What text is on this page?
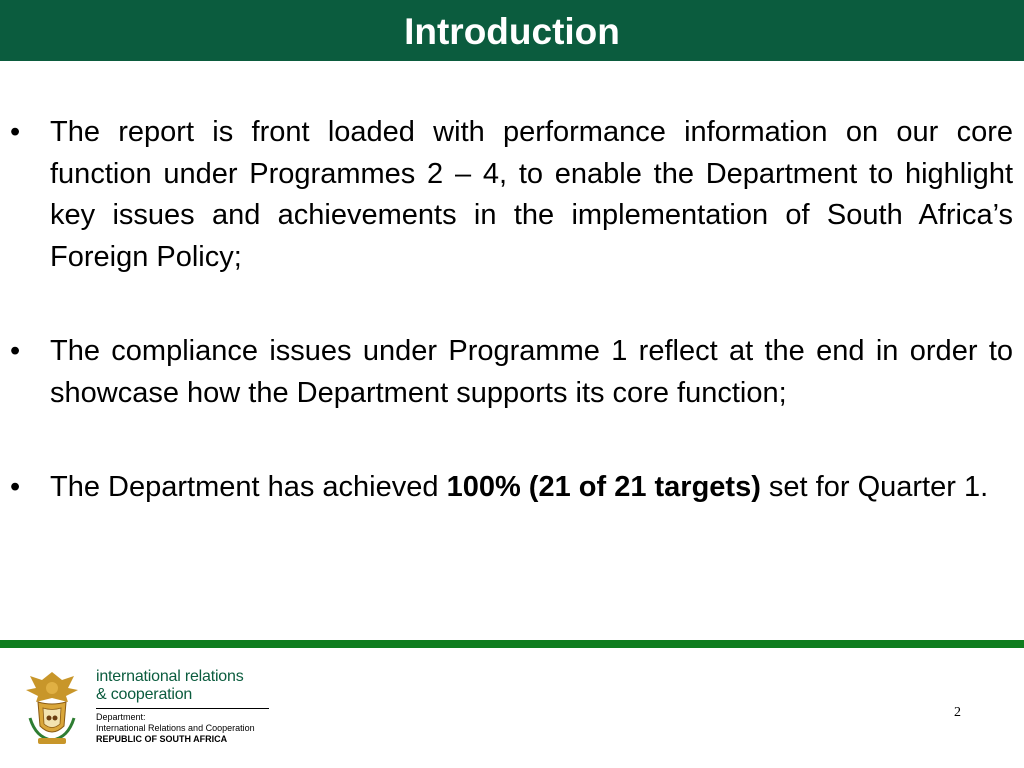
Introduction
•	The report is front loaded with performance information on our core function under Programmes 2 – 4, to enable the Department to highlight key issues and achievements in the implementation of South Africa’s Foreign Policy;
•	The compliance issues under Programme 1 reflect at the end in order to showcase how the Department supports its core function;
•	The Department has achieved 100% (21 of 21 targets) set for Quarter 1.
international relations
& cooperation
Department:
International Relations and Cooperation
REPUBLIC OF SOUTH AFRICA
2
